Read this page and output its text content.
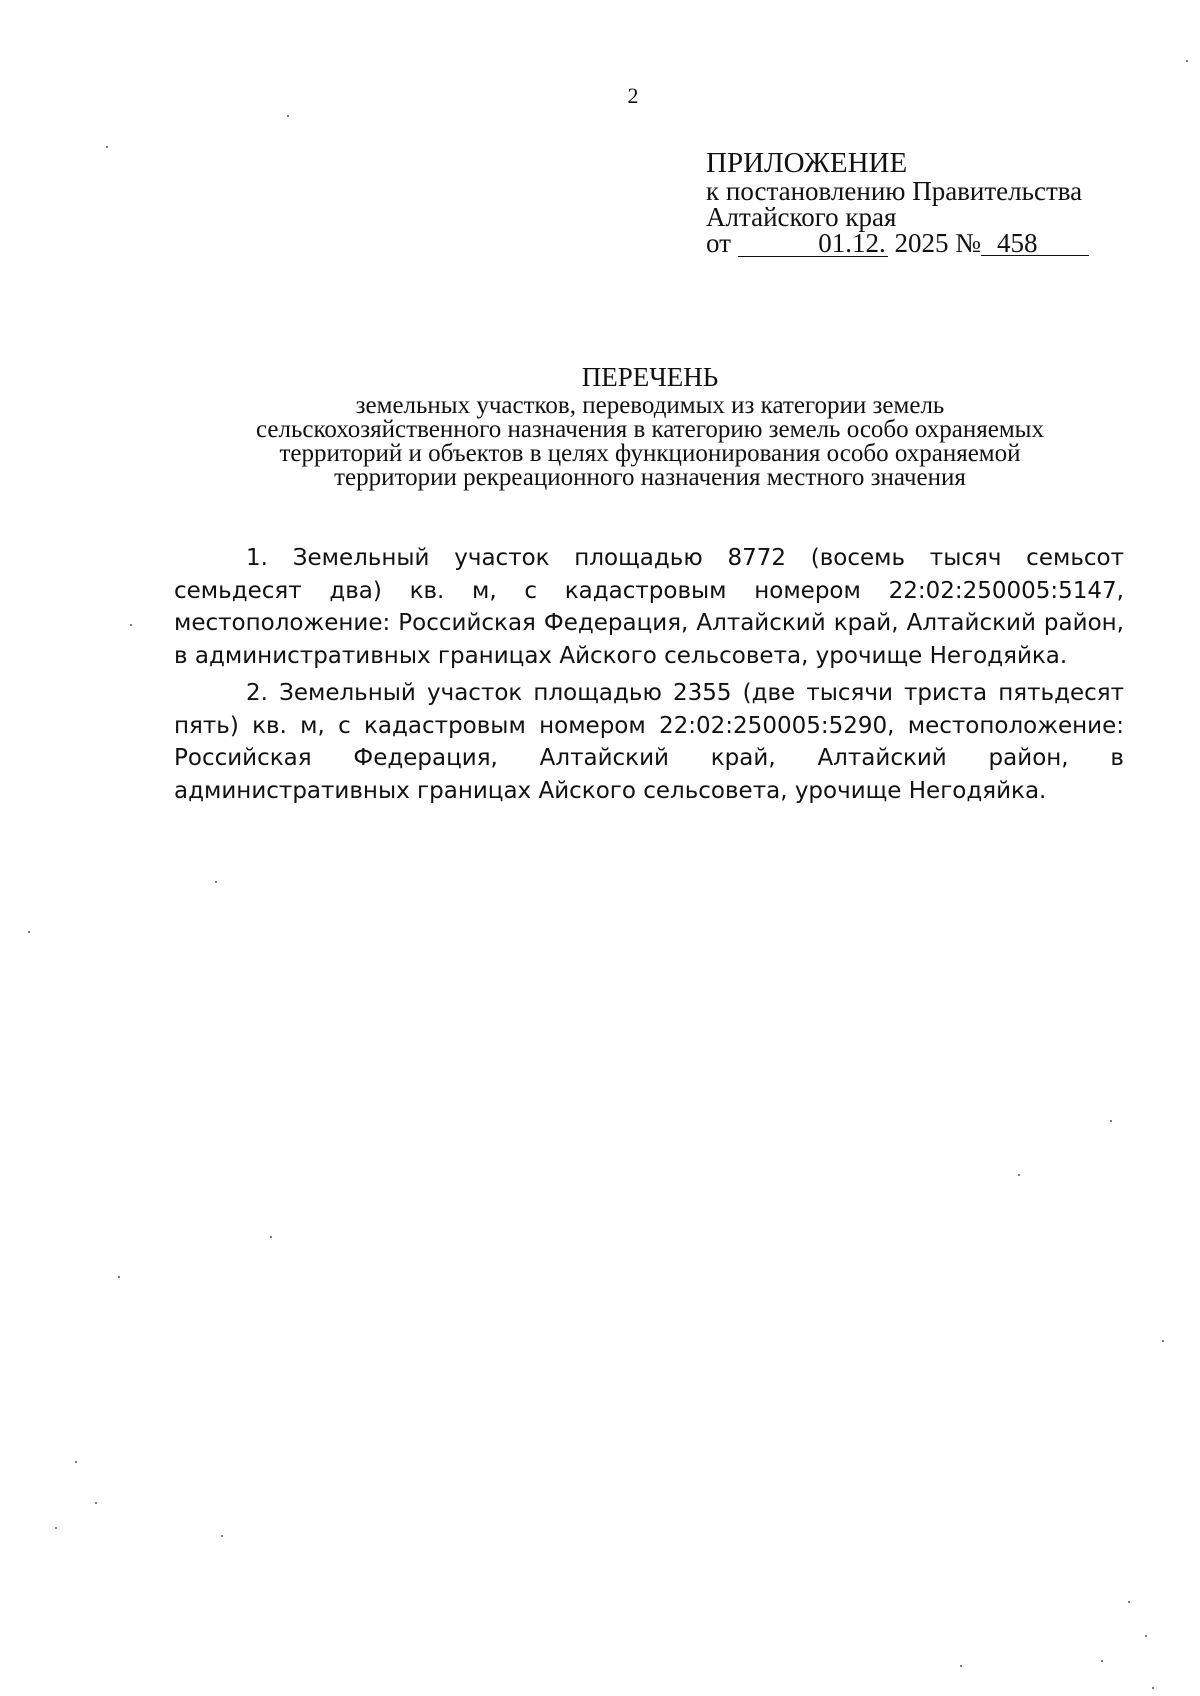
2
ПРИЛОЖЕНИЕ
к постановлению Правительства
Алтайского края
от	01.12. 2025 № 458
ПЕРЕЧЕНЬ
земельных участков, переводимых из категории земель
сельскохозяйственного назначения в категорию земель особо охраняемых
территорий и объектов в целях функционирования особо охраняемой
территории рекреационного назначения местного значения

1. Земельный участок площадью 8772 (восемь тысяч семьсот семьдесят два) кв. м, с кадастровым номером 22:02:250005:5147, местоположение: Российская Федерация, Алтайский край, Алтайский район, в административных границах Айского сельсовета, урочище Негодяйка.

2. Земельный участок площадью 2355 (две тысячи триста пятьдесят пять) кв. м, с кадастровым номером 22:02:250005:5290, местоположение: Российская Федерация, Алтайский край, Алтайский район, в административных границах Айского сельсовета, урочище Негодяйка.
